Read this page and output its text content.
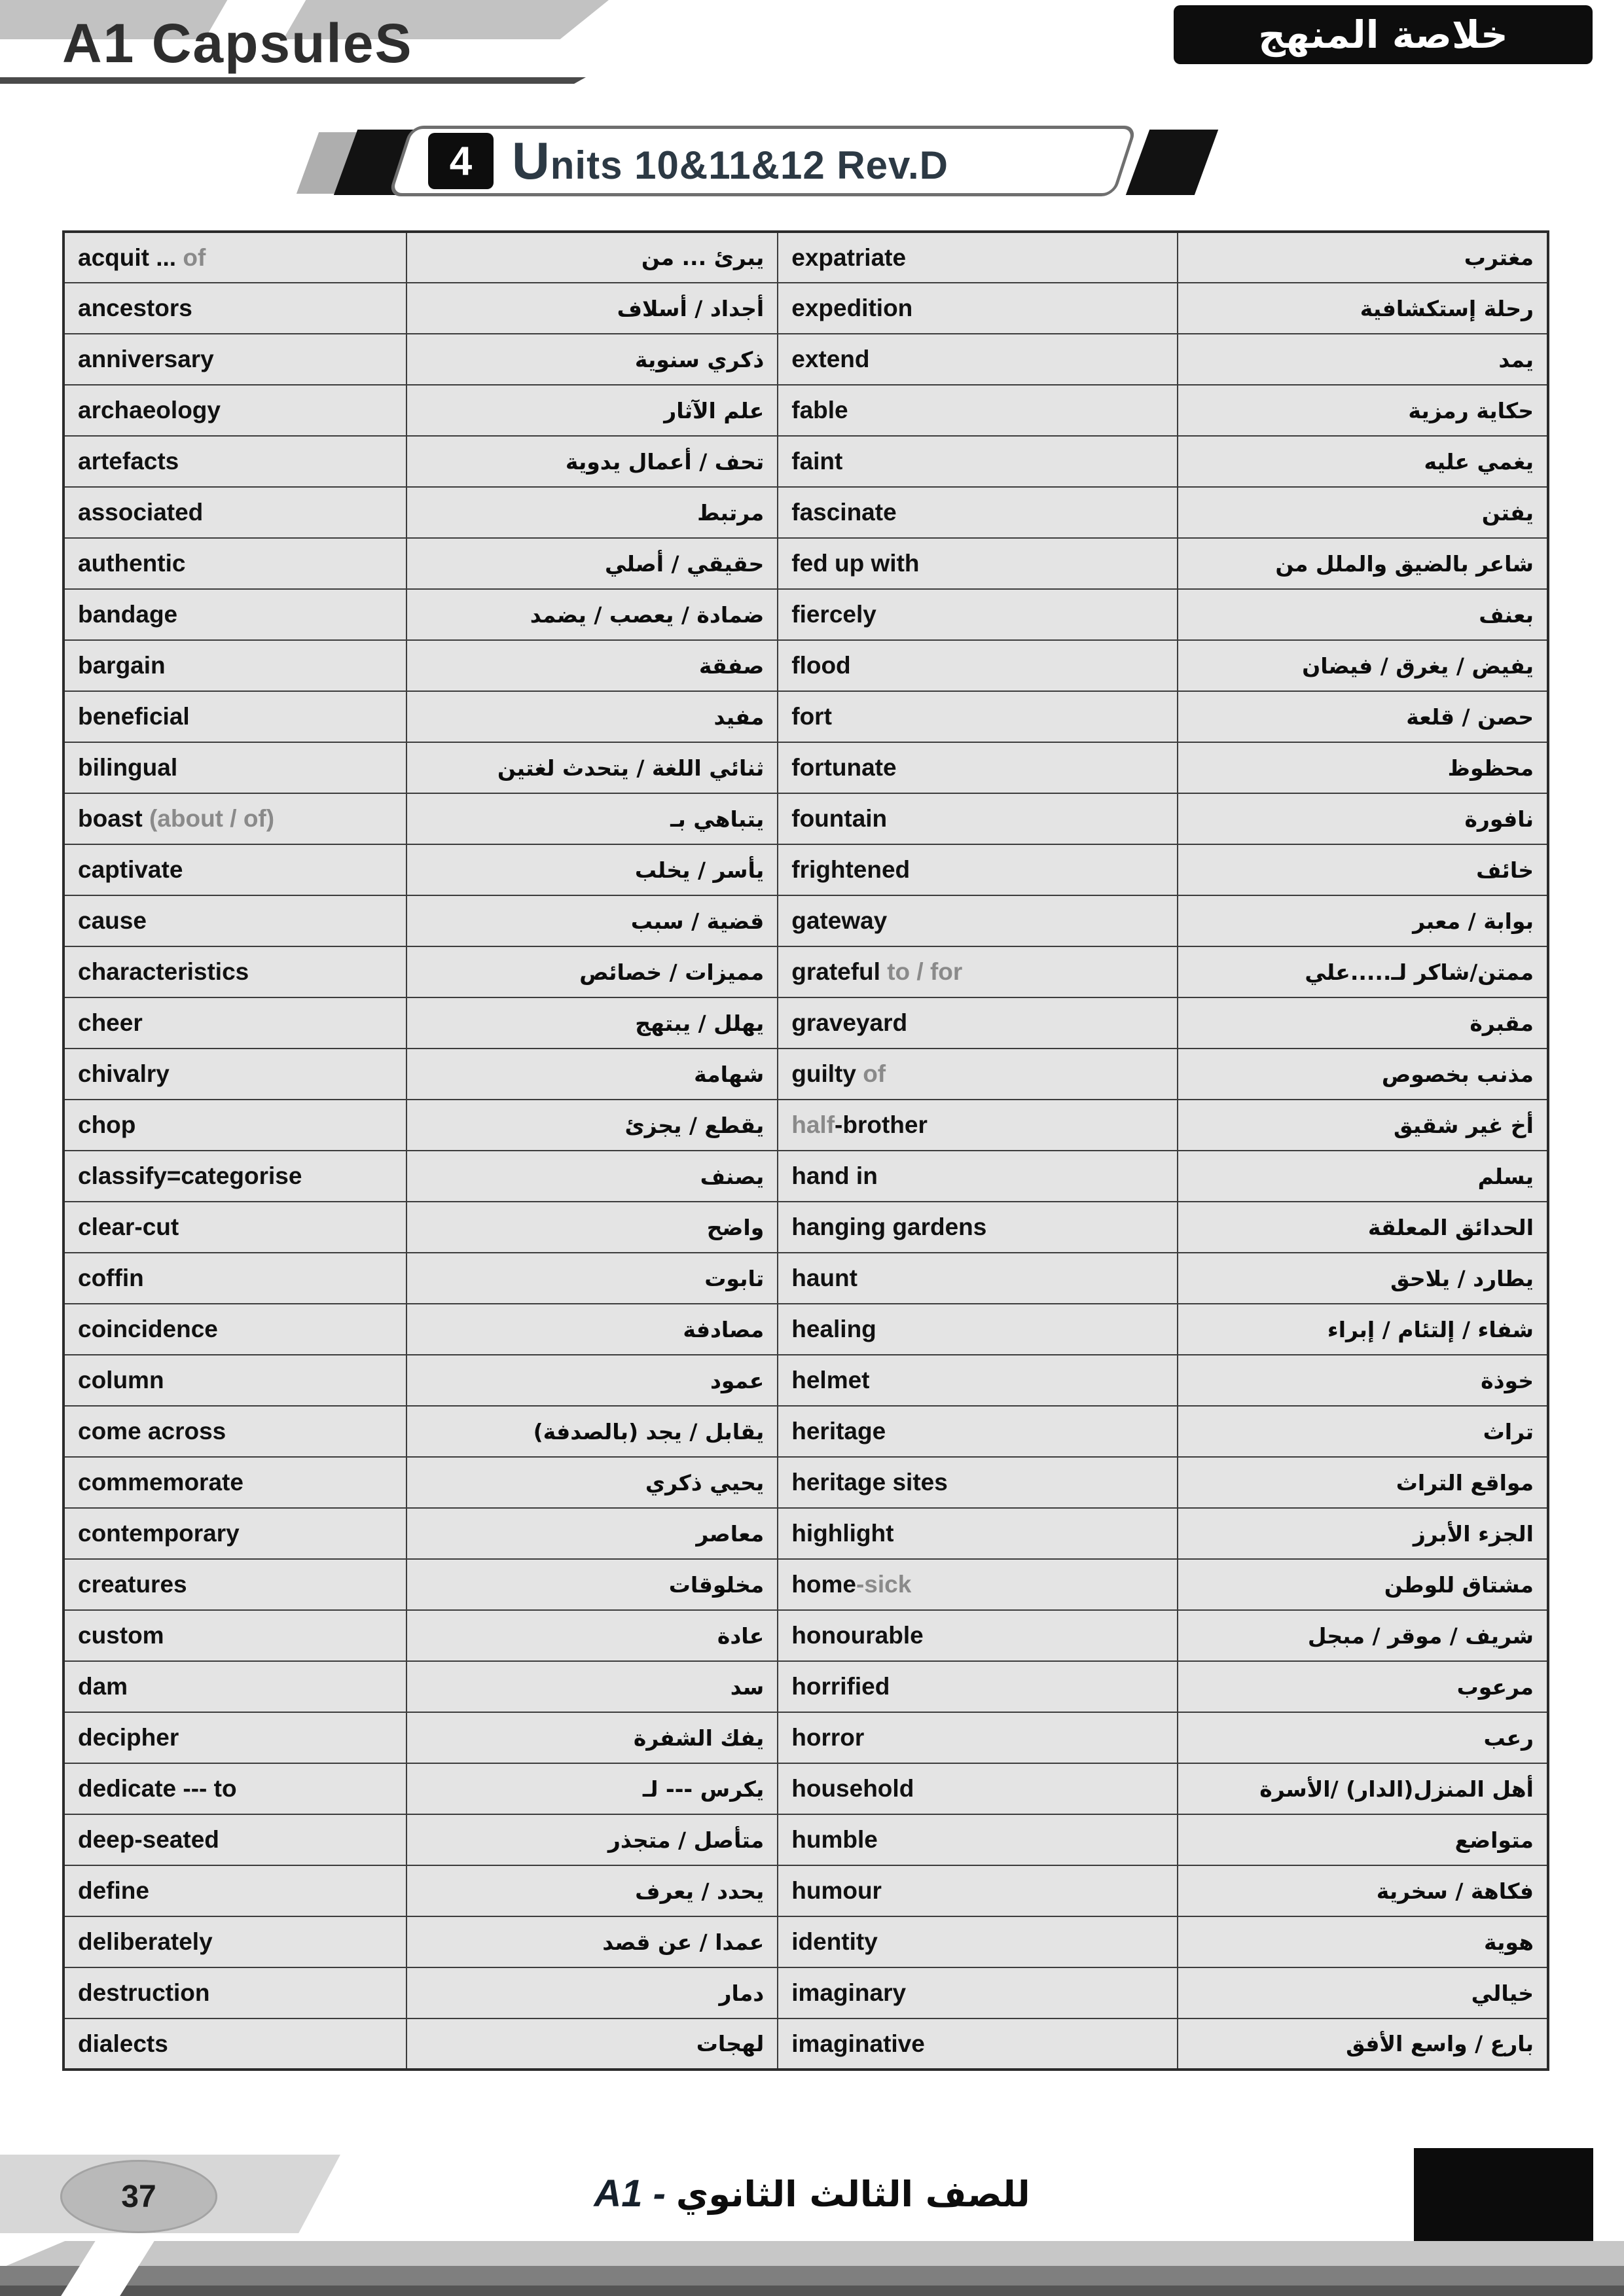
A1 CapsuleS	خلاصة المنهج
4 Units 10&11&12 Rev.D
acquit ... of	يبرئ ... من	expatriate	مغترب
ancestors	أجداد / أسلاف	expedition	رحلة إستكشافية
anniversary	ذكري سنوية	extend	يمد
archaeology	علم الآثار	fable	حكاية رمزية
artefacts	تحف / أعمال يدوية	faint	يغمي عليه
associated	مرتبط	fascinate	يفتن
authentic	حقيقي / أصلي	fed up with	شاعر بالضيق والملل من
bandage	ضمادة / يعصب / يضمد	fiercely	بعنف
bargain	صفقة	flood	يفيض / يغرق / فيضان
beneficial	مفيد	fort	حصن / قلعة
bilingual	ثنائي اللغة / يتحدث لغتين	fortunate	محظوظ
boast (about / of)	يتباهي بـ	fountain	نافورة
captivate	يأسر / يخلب	frightened	خائف
cause	قضية / سبب	gateway	بوابة / معبر
characteristics	مميزات / خصائص	grateful to / for	ممتن/شاكر لـ.....علي
cheer	يهلل / يبتهج	graveyard	مقبرة
chivalry	شهامة	guilty of	مذنب بخصوص
chop	يقطع / يجزئ	half-brother	أخ غير شقيق
classify=categorise	يصنف	hand in	يسلم
clear-cut	واضح	hanging gardens	الحدائق المعلقة
coffin	تابوت	haunt	يطارد / يلاحق
coincidence	مصادفة	healing	شفاء / إلتئام / إبراء
column	عمود	helmet	خوذة
come across	يقابل / يجد (بالصدفة)	heritage	تراث
commemorate	يحيي ذكري	heritage sites	مواقع التراث
contemporary	معاصر	highlight	الجزء الأبرز
creatures	مخلوقات	home-sick	مشتاق للوطن
custom	عادة	honourable	شريف / موقر / مبجل
dam	سد	horrified	مرعوب
decipher	يفك الشفرة	horror	رعب
dedicate --- to	يكرس --- لـ	household	أهل المنزل(الدار) /الأسرة
deep-seated	متأصل / متجذر	humble	متواضع
define	يحدد / يعرف	humour	فكاهة / سخرية
deliberately	عمدا / عن قصد	identity	هوية
destruction	دمار	imaginary	خيالي
dialects	لهجات	imaginative	بارع / واسع الأفق
37	A1 - للصف الثالث الثانوي
